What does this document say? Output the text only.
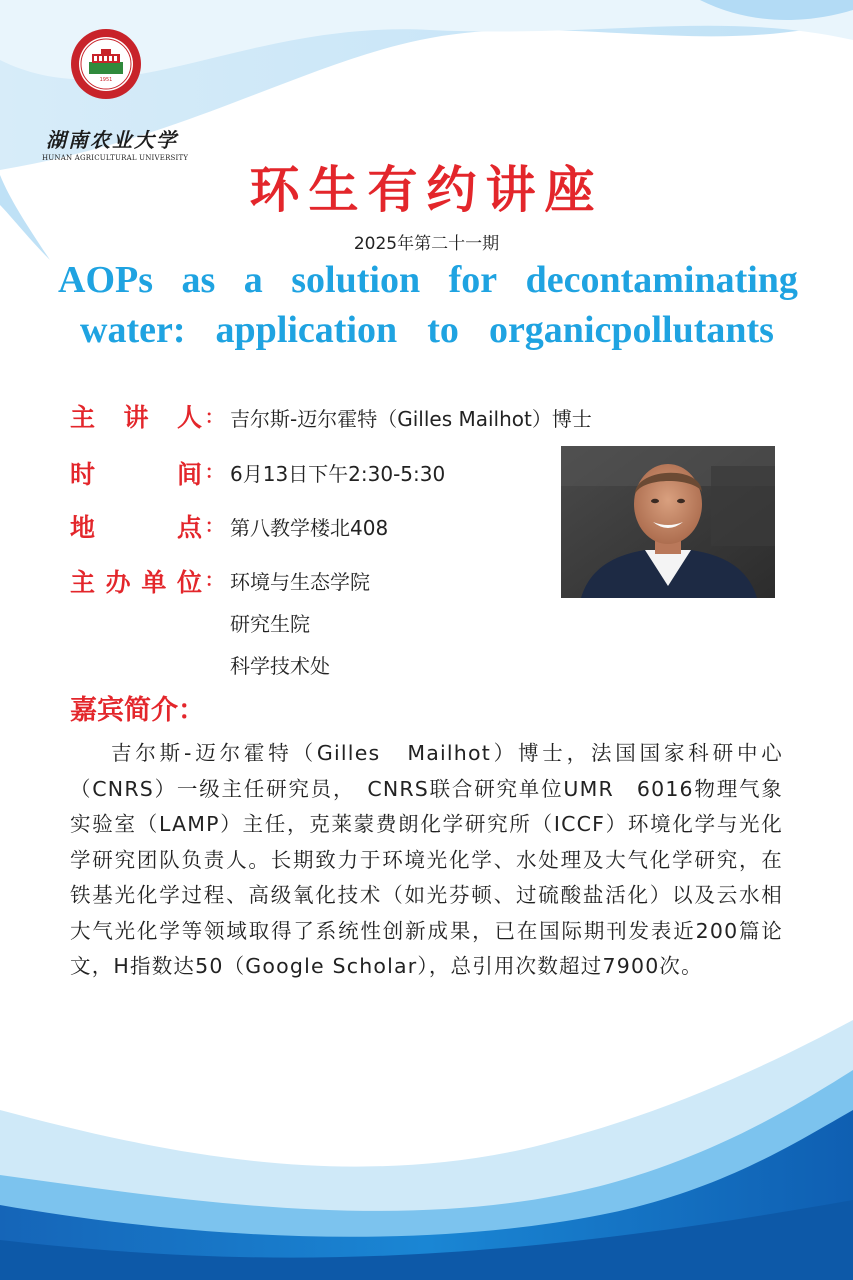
1951
湖南农业大学
HUNAN AGRICULTURAL UNIVERSITY
环生有约讲座
2025年第二十一期
AOPs as a solution for decontaminating
water: application to organicpollutants
主 讲 人 ： 吉尔斯-迈尔霍特（Gilles Mailhot）博士
时	间 ： 6月13日下午2:30-5:30
地	点 ： 第八教学楼北408
主 办 单 位 ： 环境与生态学院
研究生院
科学技术处
嘉宾简介：
吉尔斯-迈尔霍特（Gilles　Mailhot）博士，法国国家科研中心（CNRS）一级主任研究员，　CNRS联合研究单位UMR　6016物理气象实验室（LAMP）主任，克莱蒙费朗化学研究所（ICCF）环境化学与光化学研究团队负责人。长期致力于环境光化学、水处理及大气化学研究，在铁基光化学过程、高级氧化技术（如光芬顿、过硫酸盐活化）以及云水相大气光化学等领域取得了系统性创新成果，已在国际期刊发表近200篇论文，H指数达50（Google Scholar），总引用次数超过7900次。
